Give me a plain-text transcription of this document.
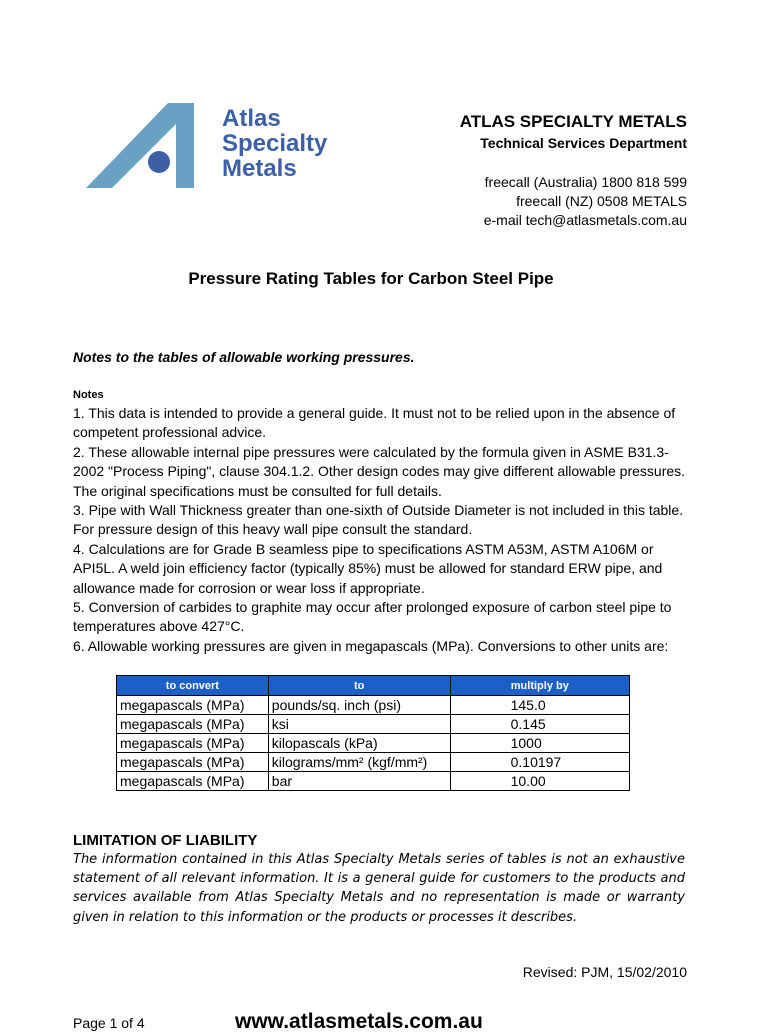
Atlas
Specialty
Metals
ATLAS SPECIALTY METALS
Technical Services Department
freecall (Australia) 1800 818 599
freecall (NZ) 0508 METALS
e-mail tech@atlasmetals.com.au
Pressure Rating Tables for Carbon Steel Pipe
Notes to the tables of allowable working pressures.
Notes

1. This data is intended to provide a general guide. It must not to be relied upon in the absence of competent professional advice.

2. These allowable internal pipe pressures were calculated by the formula given in ASME B31.3-2002 "Process Piping", clause 304.1.2. Other design codes may give different allowable pressures. The original specifications must be consulted for full details.

3. Pipe with Wall Thickness greater than one-sixth of Outside Diameter is not included in this table. For pressure design of this heavy wall pipe consult the standard.

4. Calculations are for Grade B seamless pipe to specifications ASTM A53M, ASTM A106M or API5L. A weld join efficiency factor (typically 85%) must be allowed for standard ERW pipe, and allowance made for corrosion or wear loss if appropriate.

5. Conversion of carbides to graphite may occur after prolonged exposure of carbon steel pipe to temperatures above 427°C.

6. Allowable working pressures are given in megapascals (MPa). Conversions to other units are:

to convert	to	multiply by
megapascals (MPa)	pounds/sq. inch (psi)	145.0
megapascals (MPa)	ksi	0.145
megapascals (MPa)	kilopascals (kPa)	1000
megapascals (MPa)	kilograms/mm² (kgf/mm²)	0.10197
megapascals (MPa)	bar	10.00
LIMITATION OF LIABILITY
The information contained in this Atlas Specialty Metals series of tables is not an exhaustive statement of all relevant information. It is a general guide for customers to the products and services available from Atlas Specialty Metals and no representation is made or warranty given in relation to this information or the products or processes it describes.
Revised: PJM, 15/02/2010
Page 1 of 4	www.atlasmetals.com.au
